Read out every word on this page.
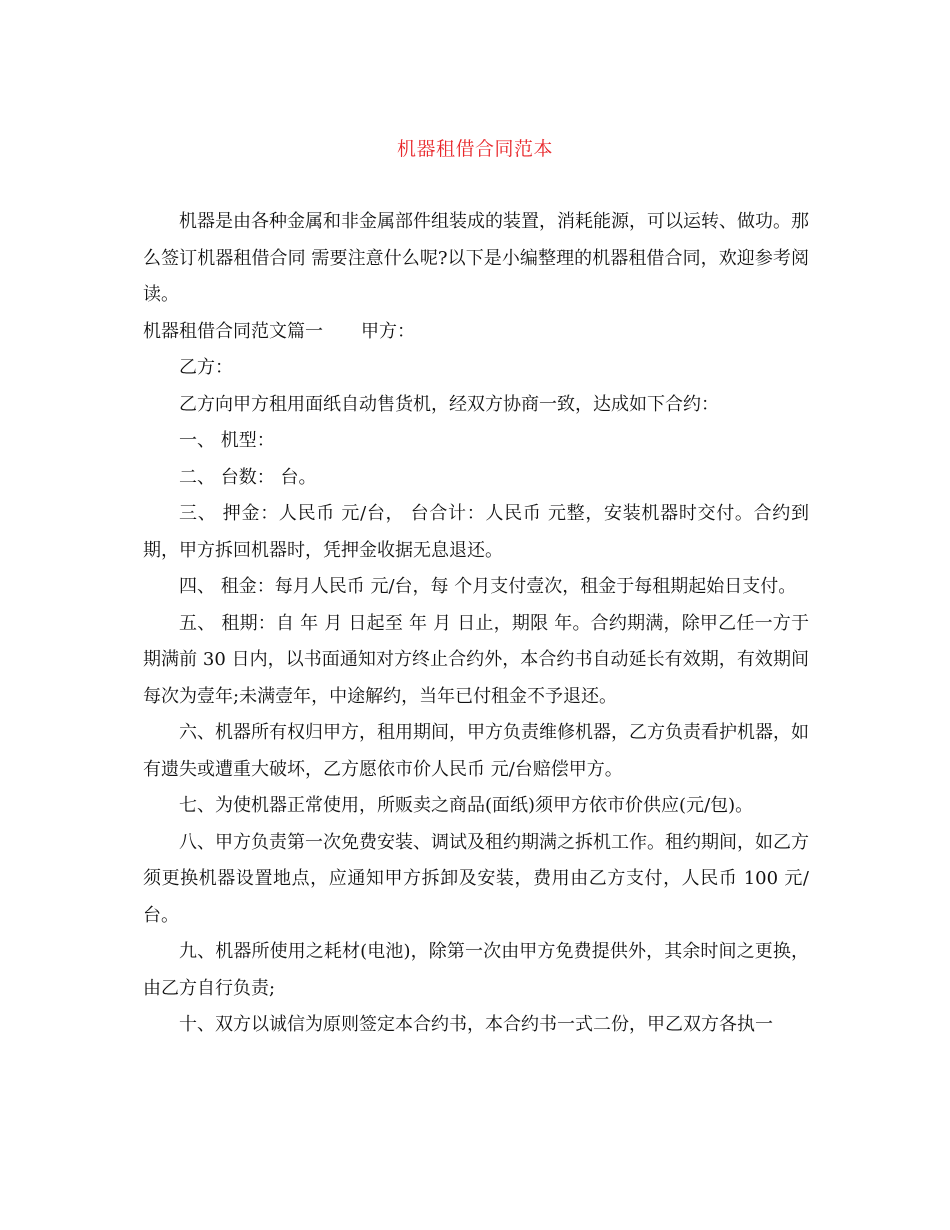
机器租借合同范本

机器是由各种金属和非金属部件组装成的装置，消耗能源，可以运转、做功。那么签订机器租借合同 需要注意什么呢?以下是小编整理的机器租借合同，欢迎参考阅读。

机器租借合同范文篇一 甲方：

乙方：

乙方向甲方租用面纸自动售货机，经双方协商一致，达成如下合约：

一、 机型：

二、 台数： 台。

三、 押金：人民币 元/台， 台合计：人民币 元整，安装机器时交付。合约到期，甲方拆回机器时，凭押金收据无息退还。

四、 租金：每月人民币 元/台，每 个月支付壹次，租金于每租期起始日支付。

五、 租期：自 年 月 日起至 年 月 日止，期限 年。合约期满，除甲乙任一方于期满前 30 日内，以书面通知对方终止合约外，本合约书自动延长有效期，有效期间每次为壹年;未满壹年，中途解约，当年已付租金不予退还。

六、机器所有权归甲方，租用期间，甲方负责维修机器，乙方负责看护机器，如有遗失或遭重大破坏，乙方愿依市价人民币 元/台赔偿甲方。

七、为使机器正常使用，所贩卖之商品(面纸)须甲方依市价供应(元/包)。

八、甲方负责第一次免费安装、调试及租约期满之拆机工作。租约期间，如乙方须更换机器设置地点，应通知甲方拆卸及安装，费用由乙方支付，人民币 100 元/台。

九、机器所使用之耗材(电池)，除第一次由甲方免费提供外，其余时间之更换，由乙方自行负责;

十、双方以诚信为原则签定本合约书，本合约书一式二份，甲乙双方各执一
